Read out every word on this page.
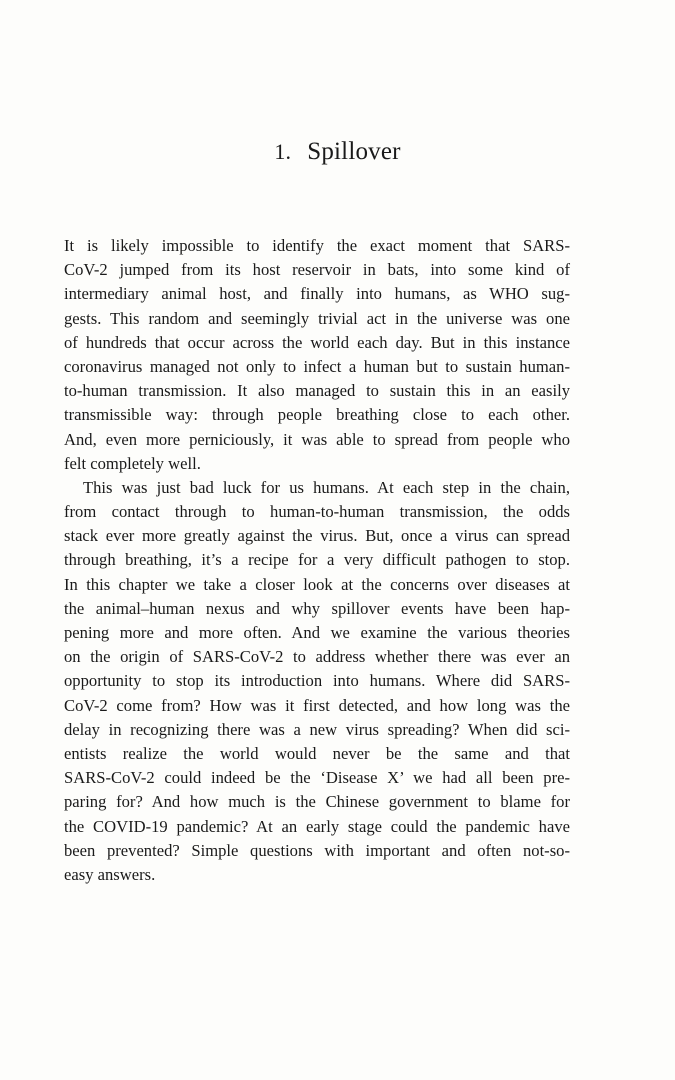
1. Spillover
It is likely impossible to identify the exact moment that SARS-
CoV-2 jumped from its host reservoir in bats, into some kind of
intermediary animal host, and finally into humans, as WHO sug-
gests. This random and seemingly trivial act in the universe was one
of hundreds that occur across the world each day. But in this instance
coronavirus managed not only to infect a human but to sustain human-
to-human transmission. It also managed to sustain this in an easily
transmissible way: through people breathing close to each other.
And, even more perniciously, it was able to spread from people who
felt completely well.
This was just bad luck for us humans. At each step in the chain,
from contact through to human-to-human transmission, the odds
stack ever more greatly against the virus. But, once a virus can spread
through breathing, it’s a recipe for a very difficult pathogen to stop.
In this chapter we take a closer look at the concerns over diseases at
the animal–human nexus and why spillover events have been hap-
pening more and more often. And we examine the various theories
on the origin of SARS-CoV-2 to address whether there was ever an
opportunity to stop its introduction into humans. Where did SARS-
CoV-2 come from? How was it first detected, and how long was the
delay in recognizing there was a new virus spreading? When did sci-
entists realize the world would never be the same and that
SARS-CoV-2 could indeed be the ‘Disease X’ we had all been pre-
paring for? And how much is the Chinese government to blame for
the COVID-19 pandemic? At an early stage could the pandemic have
been prevented? Simple questions with important and often not-so-
easy answers.
